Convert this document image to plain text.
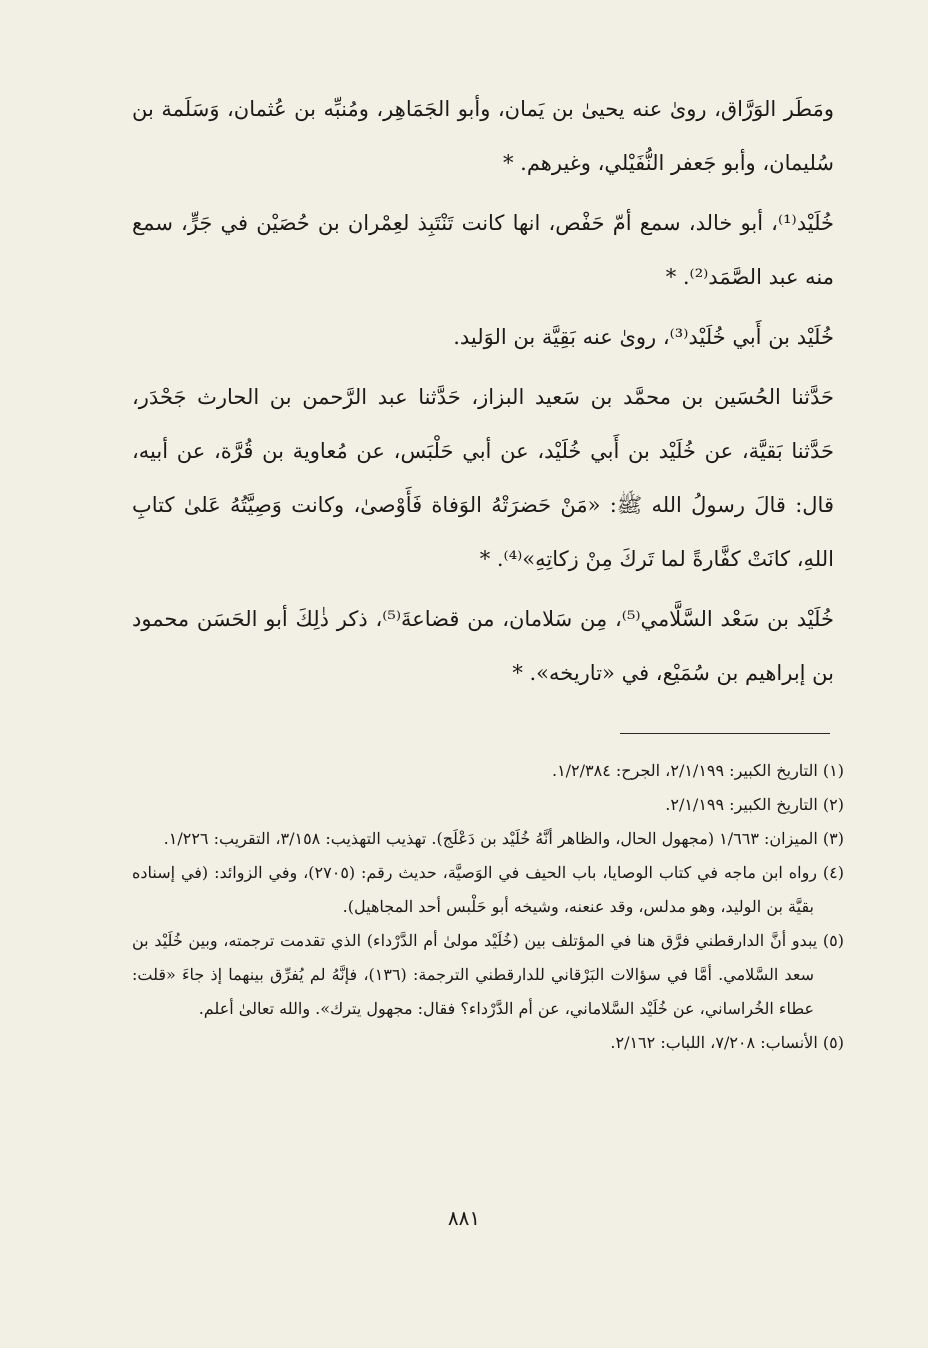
ومَطَر الوَرَّاق، روىٰ عنه يحيىٰ بن يَمان، وأبو الجَمَاهِر، ومُنبِّه بن عُثمان، وَسَلَمة بن سُليمان، وأبو جَعفر النُّفَيْلي، وغيرهم. *

خُلَيْد⁽¹⁾، أبو خالد، سمع أمّ حَفْص، انها كانت تَنْتَبِذ لعِمْران بن حُصَيْن في جَرٍّ، سمع منه عبد الصَّمَد⁽²⁾. *

خُلَيْد بن أَبي خُلَيْد⁽³⁾، روىٰ عنه بَقِيَّة بن الوَليد.

حَدَّثنا الحُسَين بن محمَّد بن سَعيد البزاز، حَدَّثنا عبد الرَّحمن بن الحارث جَحْدَر، حَدَّثنا بَقيَّة، عن خُلَيْد بن أَبي خُلَيْد، عن أبي حَلْبَس، عن مُعاوية بن قُرَّة، عن أبيه، قال: قالَ رسولُ الله ﷺ: «مَنْ حَضرَتْهُ الوَفاة فَأَوْصىٰ، وكانت وَصِيَّتُهُ عَلىٰ كتابِ اللهِ، كانَتْ كفَّارةً لما تَركَ مِنْ زكاتِهِ»⁽⁴⁾. *

خُلَيْد بن سَعْد السَّلَّامي⁽⁵⁾، مِن سَلامان، من قضاعةَ⁽⁵⁾، ذكر ذٰلِكَ أبو الحَسَن محمود بن إبراهيم بن سُمَيْع، في «تاريخه». *

(١) التاريخ الكبير: ٢/١/١٩٩، الجرح: ١/٢/٣٨٤.

(٢) التاريخ الكبير: ٢/١/١٩٩.

(٣) الميزان: ١/٦٦٣ (مجهول الحال، والظاهر أنَّهُ خُلَيْد بن دَعْلَج). تهذيب التهذيب: ٣/١٥٨، التقريب: ١/٢٢٦.

(٤) رواه ابن ماجه في كتاب الوصايا، باب الحيف في الوَصيَّة، حديث رقم: (٢٧٠٥)، وفي الزوائد: (في إسناده بقيَّة بن الوليد، وهو مدلس، وقد عنعنه، وشيخه أبو حَلْبس أحد المجاهيل).

(٥) يبدو أنَّ الدارقطني فرَّق هنا في المؤتلف بين (خُلَيْد مولىٰ أم الدَّرْداء) الذي تقدمت ترجمته، وبين خُلَيْد بن سعد السَّلامي. أمَّا في سؤالات البَرْقاني للدارقطني الترجمة: (١٣٦)، فإنَّهُ لم يُفرِّق بينهما إذ جاءَ «قلت: عطاء الخُراساني، عن خُلَيْد السَّلاماني، عن أم الدَّرْداء؟ فقال: مجهول يترك». والله تعالىٰ أعلم.

(٥) الأنساب: ٧/٢٠٨، اللباب: ٢/١٦٢.

٨٨١
